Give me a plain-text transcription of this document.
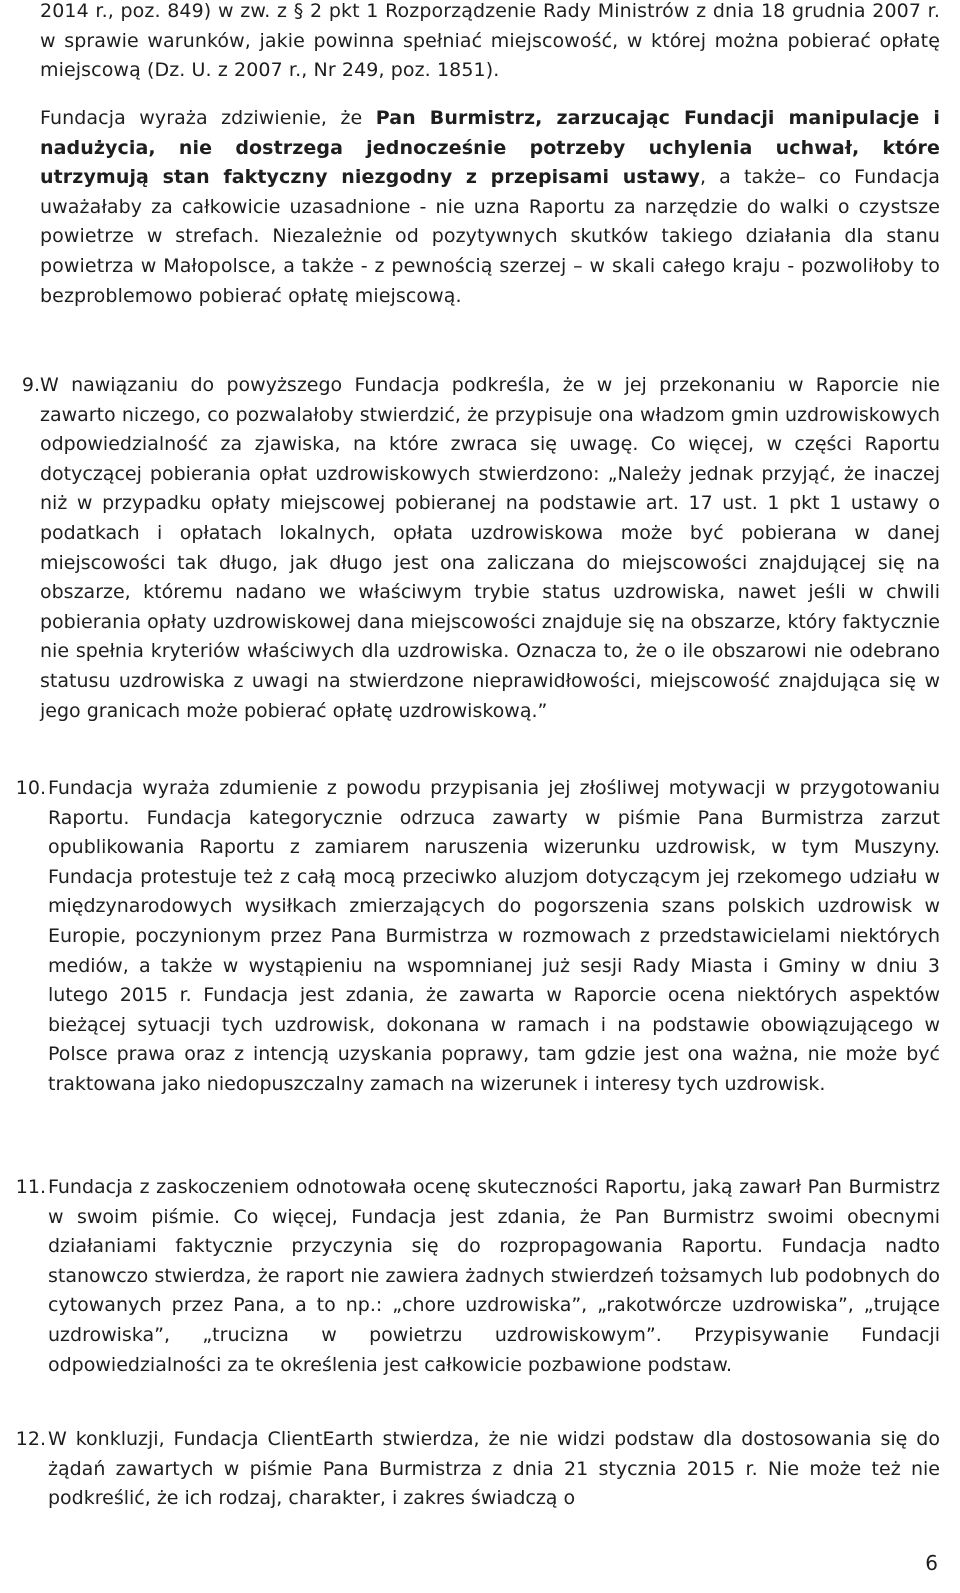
2014 r., poz. 849) w zw. z § 2 pkt 1 Rozporządzenie Rady Ministrów z dnia 18 grudnia 2007 r. w sprawie warunków, jakie powinna spełniać miejscowość, w której można pobierać opłatę miejscową (Dz. U. z 2007 r., Nr 249, poz. 1851).

Fundacja wyraża zdziwienie, że Pan Burmistrz, zarzucając Fundacji manipulacje i nadużycia, nie dostrzega jednocześnie potrzeby uchylenia uchwał, które utrzymują stan faktyczny niezgodny z przepisami ustawy, a także– co Fundacja uważałaby za całkowicie uzasadnione - nie uzna Raportu za narzędzie do walki o czystsze powietrze w strefach. Niezależnie od pozytywnych skutków takiego działania dla stanu powietrza w Małopolsce, a także - z pewnością szerzej – w skali całego kraju - pozwoliłoby to bezproblemowo pobierać opłatę miejscową.

9. W nawiązaniu do powyższego Fundacja podkreśla, że w jej przekonaniu w Raporcie nie zawarto niczego, co pozwalałoby stwierdzić, że przypisuje ona władzom gmin uzdrowiskowych odpowiedzialność za zjawiska, na które zwraca się uwagę. Co więcej, w części Raportu dotyczącej pobierania opłat uzdrowiskowych stwierdzono: „Należy jednak przyjąć, że inaczej niż w przypadku opłaty miejscowej pobieranej na podstawie art. 17 ust. 1 pkt 1 ustawy o podatkach i opłatach lokalnych, opłata uzdrowiskowa może być pobierana w danej miejscowości tak długo, jak długo jest ona zaliczana do miejscowości znajdującej się na obszarze, któremu nadano we właściwym trybie status uzdrowiska, nawet jeśli w chwili pobierania opłaty uzdrowiskowej dana miejscowości znajduje się na obszarze, który faktycznie nie spełnia kryteriów właściwych dla uzdrowiska. Oznacza to, że o ile obszarowi nie odebrano statusu uzdrowiska z uwagi na stwierdzone nieprawidłowości, miejscowość znajdująca się w jego granicach może pobierać opłatę uzdrowiskową.”

10. Fundacja wyraża zdumienie z powodu przypisania jej złośliwej motywacji w przygotowaniu Raportu. Fundacja kategorycznie odrzuca zawarty w piśmie Pana Burmistrza zarzut opublikowania Raportu z zamiarem naruszenia wizerunku uzdrowisk, w tym Muszyny. Fundacja protestuje też z całą mocą przeciwko aluzjom dotyczącym jej rzekomego udziału w międzynarodowych wysiłkach zmierzających do pogorszenia szans polskich uzdrowisk w Europie, poczynionym przez Pana Burmistrza w rozmowach z przedstawicielami niektórych mediów, a także w wystąpieniu na wspomnianej już sesji Rady Miasta i Gminy w dniu 3 lutego 2015 r. Fundacja jest zdania, że zawarta w Raporcie ocena niektórych aspektów bieżącej sytuacji tych uzdrowisk, dokonana w ramach i na podstawie obowiązującego w Polsce prawa oraz z intencją uzyskania poprawy, tam gdzie jest ona ważna, nie może być traktowana jako niedopuszczalny zamach na wizerunek i interesy tych uzdrowisk.

11. Fundacja z zaskoczeniem odnotowała ocenę skuteczności Raportu, jaką zawarł Pan Burmistrz w swoim piśmie. Co więcej, Fundacja jest zdania, że Pan Burmistrz swoimi obecnymi działaniami faktycznie przyczynia się do rozpropagowania Raportu. Fundacja nadto stanowczo stwierdza, że raport nie zawiera żadnych stwierdzeń tożsamych lub podobnych do cytowanych przez Pana, a to np.: „chore uzdrowiska”, „rakotwórcze uzdrowiska”, „trujące uzdrowiska”, „trucizna w powietrzu uzdrowiskowym”. Przypisywanie Fundacji odpowiedzialności za te określenia jest całkowicie pozbawione podstaw.

12. W konkluzji, Fundacja ClientEarth stwierdza, że nie widzi podstaw dla dostosowania się do żądań zawartych w piśmie Pana Burmistrza z dnia 21 stycznia 2015 r. Nie może też nie podkreślić, że ich rodzaj, charakter, i zakres świadczą o

6
